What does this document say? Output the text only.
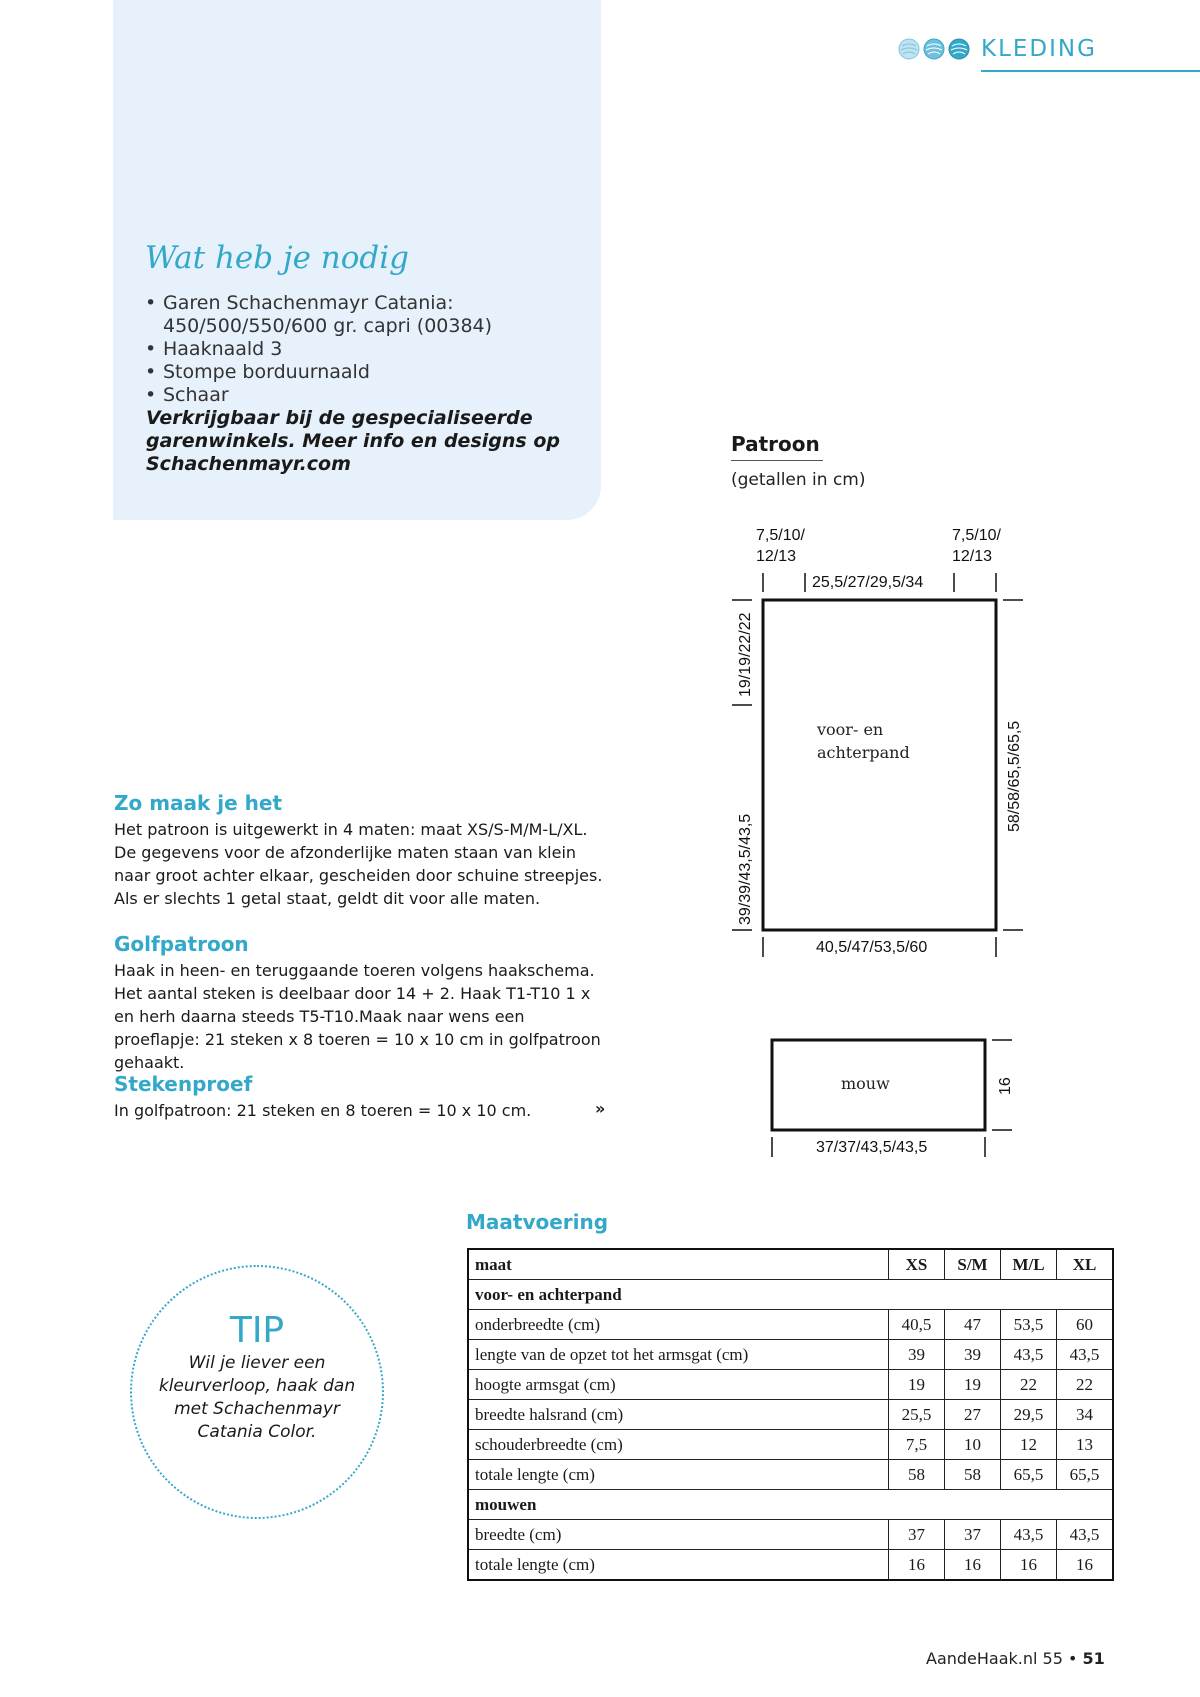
KLEDING
Wat heb je nodig
• Garen Schachenmayr Catania:
450/500/550/600 gr. capri (00384)
• Haaknaald 3
• Stompe borduurnaald
• Schaar
Verkrijgbaar bij de gespecialiseerde garenwinkels. Meer info en designs op Schachenmayr.com
Patroon
(getallen in cm)
7,5/10/
12/13
7,5/10/
12/13
25,5/27/29,5/34
19/19/22/22
39/39/43,5/43,5
58/58/65,5/65,5
voor- en
achterpand
40,5/47/53,5/60
mouw	16
37/37/43,5/43,5
Zo maak je het
Het patroon is uitgewerkt in 4 maten: maat XS/S-M/M-L/XL. De gegevens voor de afzonderlijke maten staan van klein naar groot achter elkaar, gescheiden door schuine streepjes. Als er slechts 1 getal staat, geldt dit voor alle maten.
Golfpatroon
Haak in heen- en teruggaande toeren volgens haakschema. Het aantal steken is deelbaar door 14 + 2. Haak T1-T10 1 x en herh daarna steeds T5-T10.Maak naar wens een proeflapje: 21 steken x 8 toeren = 10 x 10 cm in golfpatroon gehaakt.
Stekenproef
In golfpatroon: 21 steken en 8 toeren = 10 x 10 cm.	»
TIP
Wil je liever een kleurverloop, haak dan met Schachenmayr Catania Color.
Maatvoering
maat	XS	S/M	M/L	XL
voor- en achterpand				
onderbreedte (cm)	40,5	47	53,5	60
lengte van de opzet tot het armsgat (cm)	39	39	43,5	43,5
hoogte armsgat (cm)	19	19	22	22
breedte halsrand (cm)	25,5	27	29,5	34
schouderbreedte (cm)	7,5	10	12	13
totale lengte (cm)	58	58	65,5	65,5
mouwen				
breedte (cm)	37	37	43,5	43,5
totale lengte (cm)	16	16	16	16
AandeHaak.nl 55 • 51
